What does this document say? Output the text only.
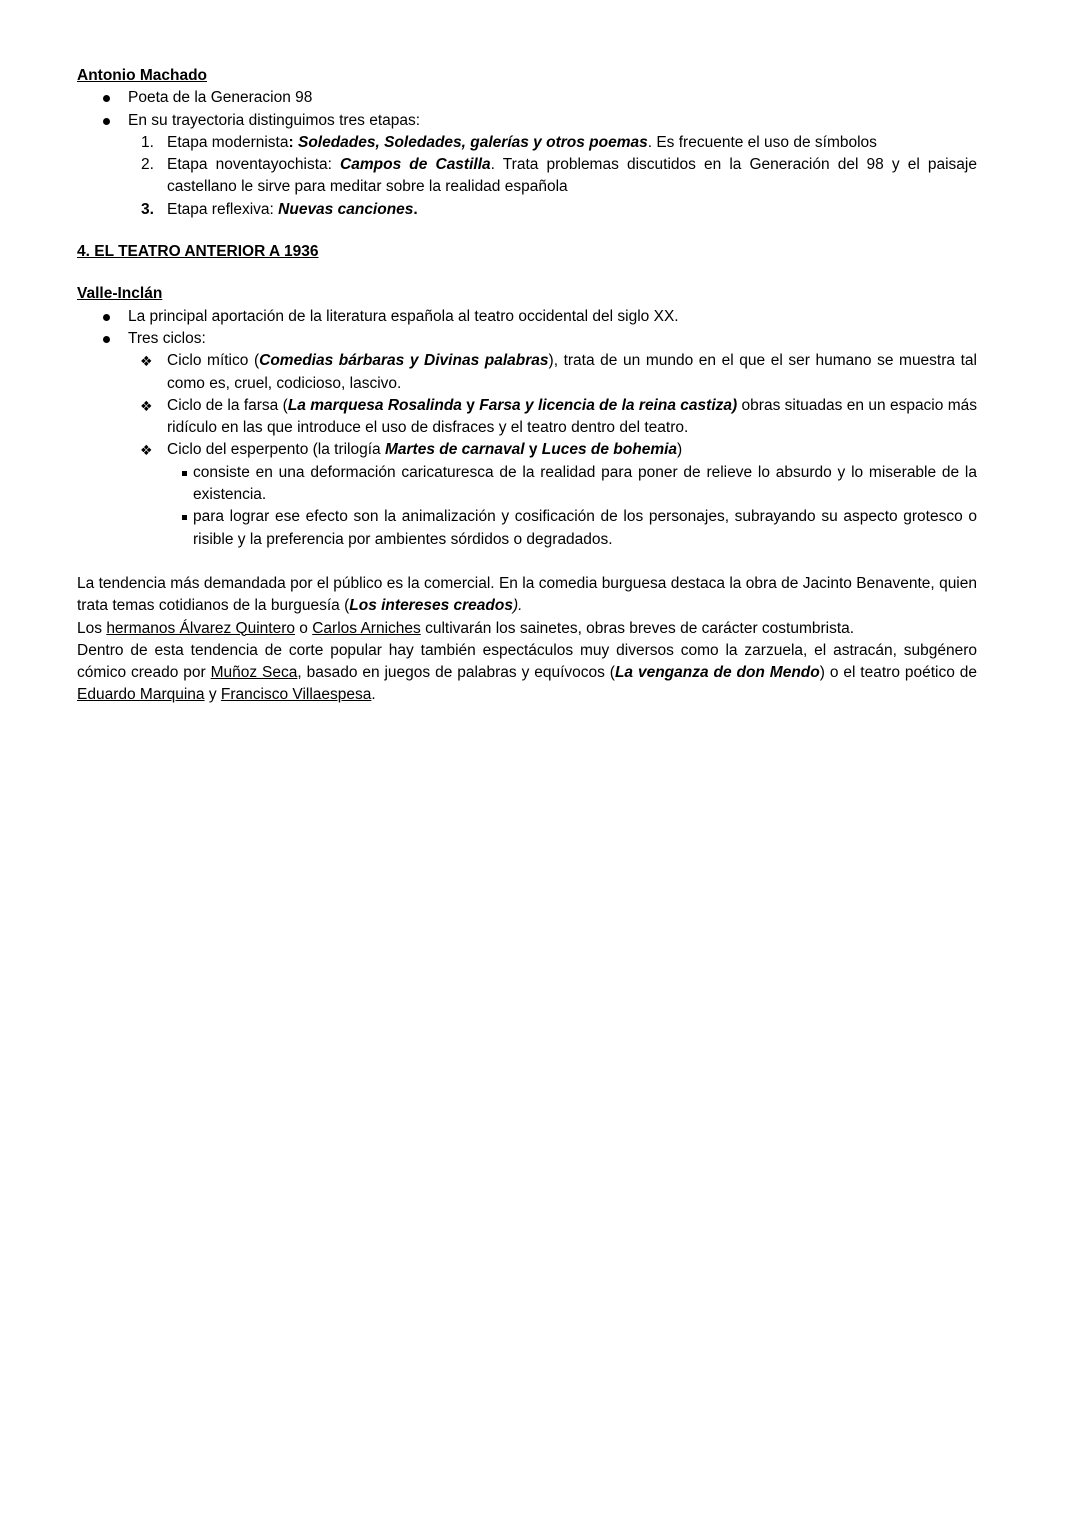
Antonio Machado
Poeta de la Generacion 98
En su trayectoria distinguimos tres etapas:
1. Etapa modernista: Soledades, Soledades, galerías y otros poemas. Es frecuente el uso de símbolos
2. Etapa noventayochista: Campos de Castilla. Trata problemas discutidos en la Generación del 98 y el paisaje castellano le sirve para meditar sobre la realidad española
3. Etapa reflexiva: Nuevas canciones.
4. EL TEATRO ANTERIOR A 1936
Valle-Inclán
La principal aportación de la literatura española al teatro occidental del siglo XX.
Tres ciclos:
❖ Ciclo mítico (Comedias bárbaras y Divinas palabras), trata de un mundo en el que el ser humano se muestra tal como es, cruel, codicioso, lascivo.
❖ Ciclo de la farsa (La marquesa Rosalinda y Farsa y licencia de la reina castiza) obras situadas en un espacio más ridículo en las que introduce el uso de disfraces y el teatro dentro del teatro.
❖ Ciclo del esperpento (la trilogía Martes de carnaval y Luces de bohemia)
consiste en una deformación caricaturesca de la realidad para poner de relieve lo absurdo y lo miserable de la existencia.
para lograr ese efecto son la animalización y cosificación de los personajes, subrayando su aspecto grotesco o risible y la preferencia por ambientes sórdidos o degradados.

La tendencia más demandada por el público es la comercial. En la comedia burguesa destaca la obra de Jacinto Benavente, quien trata temas cotidianos de la burguesía (Los intereses creados).

Los hermanos Álvarez Quintero o Carlos Arniches cultivarán los sainetes, obras breves de carácter costumbrista.

Dentro de esta tendencia de corte popular hay también espectáculos muy diversos como la zarzuela, el astracán, subgénero cómico creado por Muñoz Seca, basado en juegos de palabras y equívocos (La venganza de don Mendo) o el teatro poético de Eduardo Marquina y Francisco Villaespesa.
